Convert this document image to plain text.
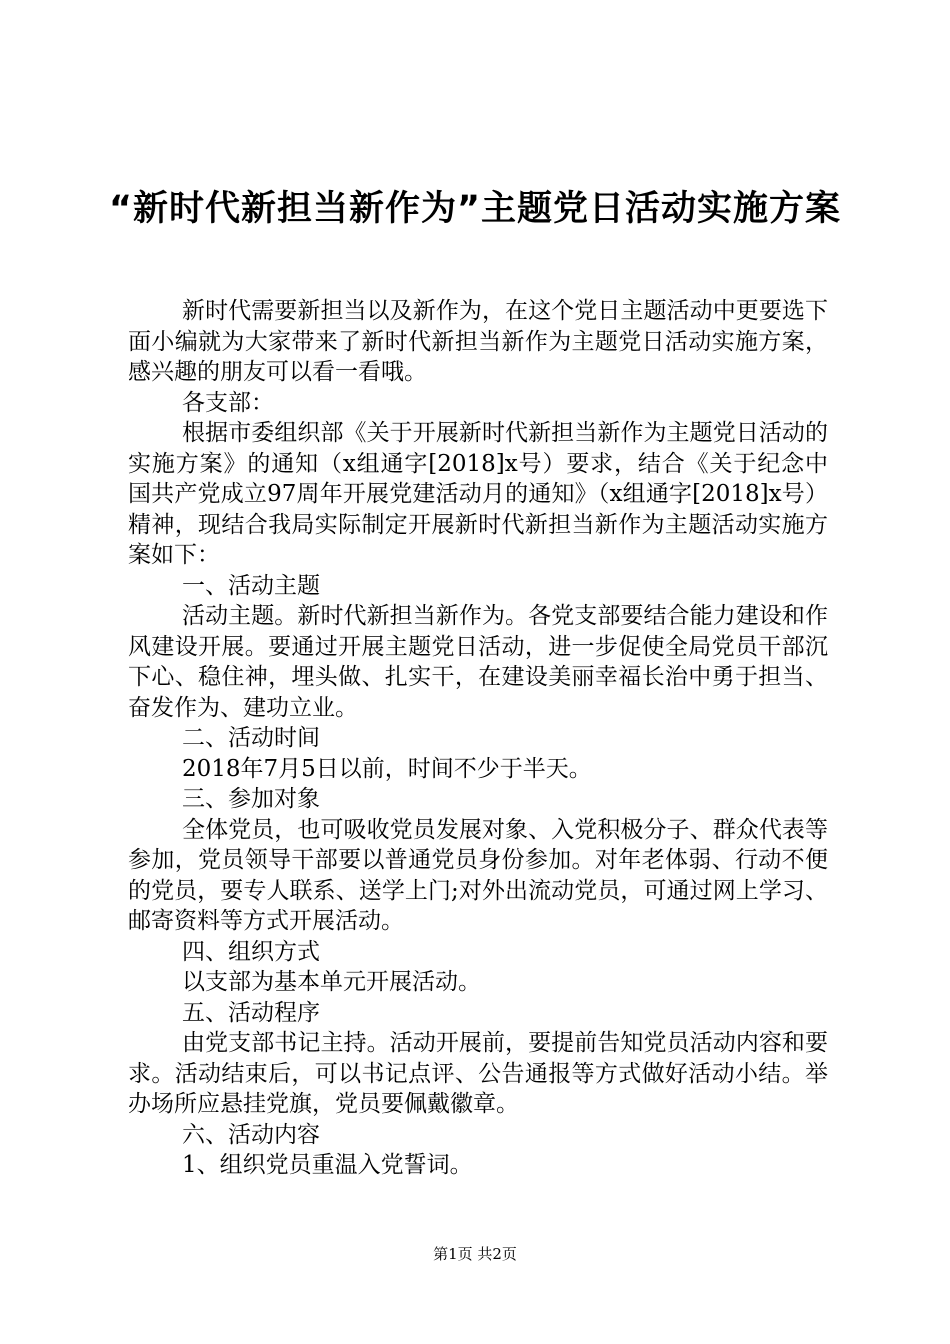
“新时代新担当新作为”主题党日活动实施方案

新时代需要新担当以及新作为，在这个党日主题活动中更要选下面小编就为大家带来了新时代新担当新作为主题党日活动实施方案，感兴趣的朋友可以看一看哦。

各支部：

根据市委组织部《关于开展新时代新担当新作为主题党日活动的实施方案》的通知（x组通字[2018]x号）要求，结合《关于纪念中国共产党成立97周年开展党建活动月的通知》（x组通字[2018]x号）精神，现结合我局实际制定开展新时代新担当新作为主题活动实施方案如下：

一、活动主题

活动主题。新时代新担当新作为。各党支部要结合能力建设和作风建设开展。要通过开展主题党日活动，进一步促使全局党员干部沉下心、稳住神，埋头做、扎实干，在建设美丽幸福长治中勇于担当、奋发作为、建功立业。

二、活动时间

2018年7月5日以前，时间不少于半天。

三、参加对象

全体党员，也可吸收党员发展对象、入党积极分子、群众代表等参加，党员领导干部要以普通党员身份参加。对年老体弱、行动不便的党员，要专人联系、送学上门;对外出流动党员，可通过网上学习、邮寄资料等方式开展活动。

四、组织方式

以支部为基本单元开展活动。

五、活动程序

由党支部书记主持。活动开展前，要提前告知党员活动内容和要求。活动结束后，可以书记点评、公告通报等方式做好活动小结。举办场所应悬挂党旗，党员要佩戴徽章。

六、活动内容

1、组织党员重温入党誓词。

第1页 共2页
